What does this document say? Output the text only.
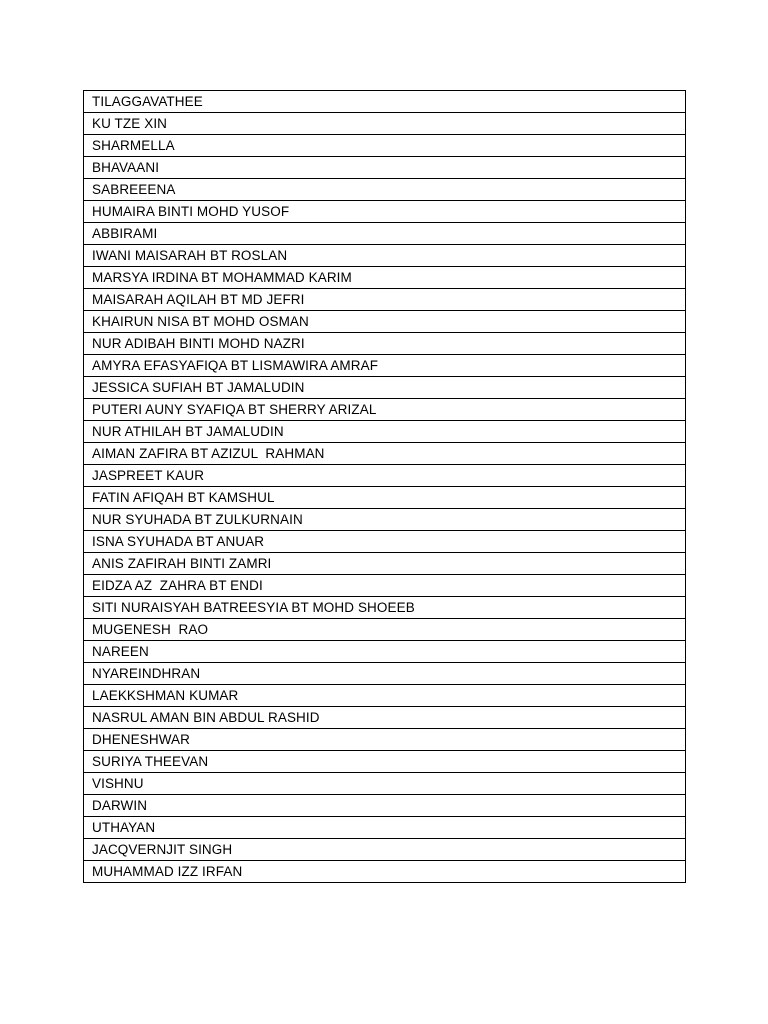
TILAGGAVATHEE
KU TZE XIN
SHARMELLA
BHAVAANI
SABREEENA
HUMAIRA BINTI MOHD YUSOF
ABBIRAMI
IWANI MAISARAH BT ROSLAN
MARSYA IRDINA BT MOHAMMAD KARIM
MAISARAH AQILAH BT MD JEFRI
KHAIRUN NISA BT MOHD OSMAN
NUR ADIBAH BINTI MOHD NAZRI
AMYRA EFASYAFIQA BT LISMAWIRA AMRAF
JESSICA SUFIAH BT JAMALUDIN
PUTERI AUNY SYAFIQA BT SHERRY ARIZAL
NUR ATHILAH BT JAMALUDIN
AIMAN ZAFIRA BT AZIZUL  RAHMAN
JASPREET KAUR
FATIN AFIQAH BT KAMSHUL
NUR SYUHADA BT ZULKURNAIN
ISNA SYUHADA BT ANUAR
ANIS ZAFIRAH BINTI ZAMRI
EIDZA AZ  ZAHRA BT ENDI
SITI NURAISYAH BATREESYIA BT MOHD SHOEEB
MUGENESH  RAO
NAREEN
NYAREINDHRAN
LAEKKSHMAN KUMAR
NASRUL AMAN BIN ABDUL RASHID
DHENESHWAR
SURIYA THEEVAN
VISHNU
DARWIN
UTHAYAN
JACQVERNJIT SINGH
MUHAMMAD IZZ IRFAN
